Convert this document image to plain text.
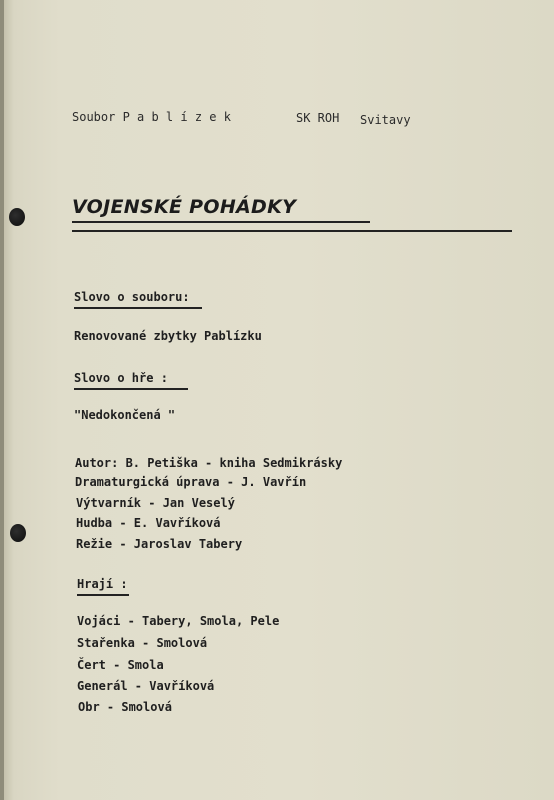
Soubor P a b l í z e k	SK ROH Svitavy
VOJENSKÉ POHÁDKY
Slovo o souboru:
Renovované zbytky Pablízku
Slovo o hře :
"Nedokončená "
Autor: B. Petiška - kniha Sedmikrásky
Dramaturgická úprava - J. Vavřín
Výtvarník - Jan Veselý
Hudba - E. Vavříková
Režie - Jaroslav Tabery
Hrají :
Vojáci - Tabery, Smola, Pele
Stařenka - Smolová
Čert - Smola
Generál - Vavříková
Obr - Smolová
